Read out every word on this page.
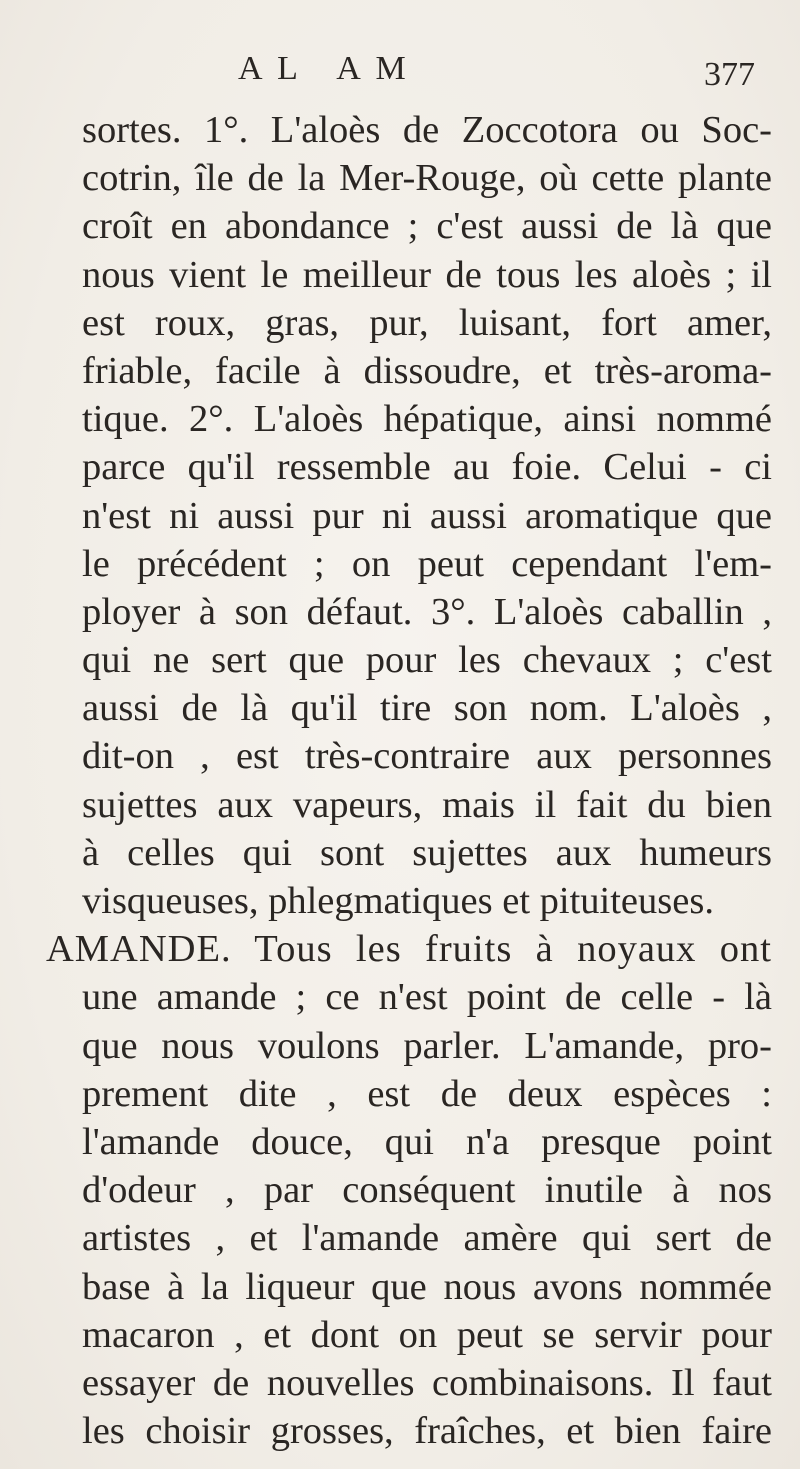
A L   A M	377
sortes. 1°. L'aloès de Zoccotora ou Soc-
cotrin, île de la Mer-Rouge, où cette plante
croît en abondance ; c'est aussi de là que
nous vient le meilleur de tous les aloès ; il
est roux, gras, pur, luisant, fort amer,
friable, facile à dissoudre, et très-aroma-
tique. 2°. L'aloès hépatique, ainsi nommé
parce qu'il ressemble au foie. Celui - ci
n'est ni aussi pur ni aussi aromatique que
le précédent ; on peut cependant l'em-
ployer à son défaut. 3°. L'aloès caballin ,
qui ne sert que pour les chevaux ; c'est
aussi de là qu'il tire son nom. L'aloès ,
dit-on , est très-contraire aux personnes
sujettes aux vapeurs, mais il fait du bien
à celles qui sont sujettes aux humeurs
visqueuses, phlegmatiques et pituiteuses.
AMANDE. Tous les fruits à noyaux ont
une amande ; ce n'est point de celle - là
que nous voulons parler. L'amande, pro-
prement dite , est de deux espèces :
l'amande douce, qui n'a presque point
d'odeur , par conséquent inutile à nos
artistes , et l'amande amère qui sert de
base à la liqueur que nous avons nommée
macaron , et dont on peut se servir pour
essayer de nouvelles combinaisons. Il faut
les choisir grosses, fraîches, et bien faire
